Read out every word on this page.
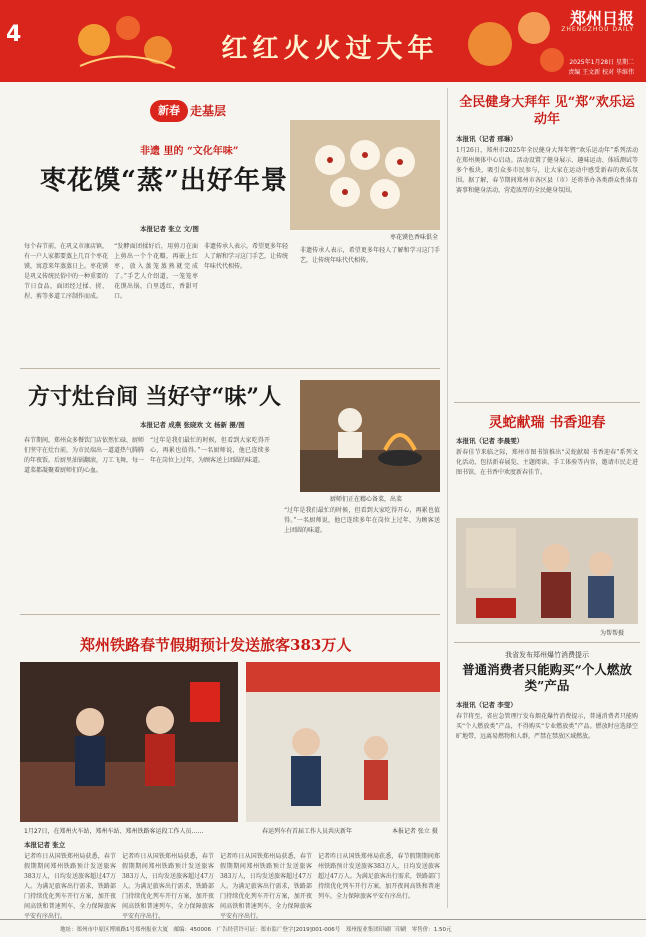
4	红红火火过大年
郑州日报
ZHENGZHOU DAILY
2025年1月28日 星期二
责编 王文新 校对 毕维伟
新春 走基层
非遗 里的 “文化年味”
枣花馍“蒸”出好年景
本报记者 张立 文/图
每个春节前，在巩义市康店镇，有一户人家都要蒸上几百个枣花馍，寓意来年蒸蒸日上。枣花馍是巩义传统民俗中的一种重要的节日食品，面团经过揉、搓、捏、剪等多道工序制作而成。
“发酵面团揉好后，用剪刀在面上剪出一个个花瓣，再嵌上红枣，放入蒸笼蒸熟就完成了。”手艺人介绍道，一笼笼枣花馍出锅，白里透红，香甜可口。
非遗传承人表示，希望更多年轻人了解和学习这门手艺，让传统年味代代相传。
枣花馍色香味俱全
非遗传承人表示，希望更多年轻人了解和学习这门手艺，让传统年味代代相传。
方寸灶台间 当好守“味”人
本报记者 成燕 张晓欢 文 杨新 摄/图
春节期间，郑州众多餐饮门店依然忙碌，厨师们坚守在灶台前，为市民端出一道道热气腾腾的年夜饭。后厨里油锅翻滚，刀工飞舞，每一道菜都凝聚着厨师们的心血。
“过年是我们最忙的时候，但看到大家吃得开心，再累也值得。”一名厨师说，他已连续多年在岗位上过年，为顾客送上团圆的味道。
厨师们正在精心备菜，出菜
“过年是我们最忙的时候，但看到大家吃得开心，再累也值得。”一名厨师说，他已连续多年在岗位上过年，为顾客送上团圆的味道。
郑州铁路春节假期预计发送旅客383万人
1月27日，在郑州火车站，郑州车站、郑州铁路客运段工作人员……	春运列车有首届工作人员共庆新年	本报记者 张立 摄
本报记者 张立
记者昨日从国铁郑州局获悉，春节假期期间郑州铁路预计发送旅客383万人，日均发送旅客超过47万人。为满足旅客出行需求，铁路部门持续优化列车开行方案，加开夜间高铁和普速列车，全力保障旅客平安有序出行。
记者昨日从国铁郑州局获悉，春节假期期间郑州铁路预计发送旅客383万人，日均发送旅客超过47万人。为满足旅客出行需求，铁路部门持续优化列车开行方案，加开夜间高铁和普速列车，全力保障旅客平安有序出行。
记者昨日从国铁郑州局获悉，春节假期期间郑州铁路预计发送旅客383万人，日均发送旅客超过47万人。为满足旅客出行需求，铁路部门持续优化列车开行方案，加开夜间高铁和普速列车，全力保障旅客平安有序出行。
记者昨日从国铁郑州局获悉，春节假期期间郑州铁路预计发送旅客383万人，日均发送旅客超过47万人。为满足旅客出行需求，铁路部门持续优化列车开行方案，加开夜间高铁和普速列车，全力保障旅客平安有序出行。
全民健身大拜年 见“郑”欢乐运动年
本报讯（记者 邢琳）
1月26日，郑州市2025年全民健身大拜年暨“欢乐运动年”系列活动在郑州奥体中心启动。活动设置了健身展示、趣味运动、体质测试等多个板块，吸引众多市民参与，让大家在运动中感受新春的欢乐氛围。据了解，春节期间郑州市各区县（市）还将举办各类群众性体育赛事和健身活动，营造浓厚的全民健身氛围。
灵蛇献瑞 书香迎春
本报讯（记者 李晨雯）
新春佳节来临之际，郑州市图书馆推出“灵蛇献瑞 书香迎春”系列文化活动，包括新春展览、主题阅读、手工体验等内容，邀请市民走进图书馆，在书香中欢度新春佳节。
为帮帮摄
我省发布郑州爆竹消费提示
普通消费者只能购买“个人燃放类”产品
本报讯（记者 李莹）
春节将至，省应急管理厅发布烟花爆竹消费提示，普通消费者只能购买“个人燃放类”产品，不得购买“专业燃放类”产品。燃放时应选择空旷地带，远离易燃物和人群，严禁在禁放区域燃放。
地址：郑州市中原区博颂路1号郑州报业大厦　邮编：450006　广告经营许可证：郑市监广登字[2019]001-006号　郑州报业集团印刷厂印刷　零售价：1.50元
